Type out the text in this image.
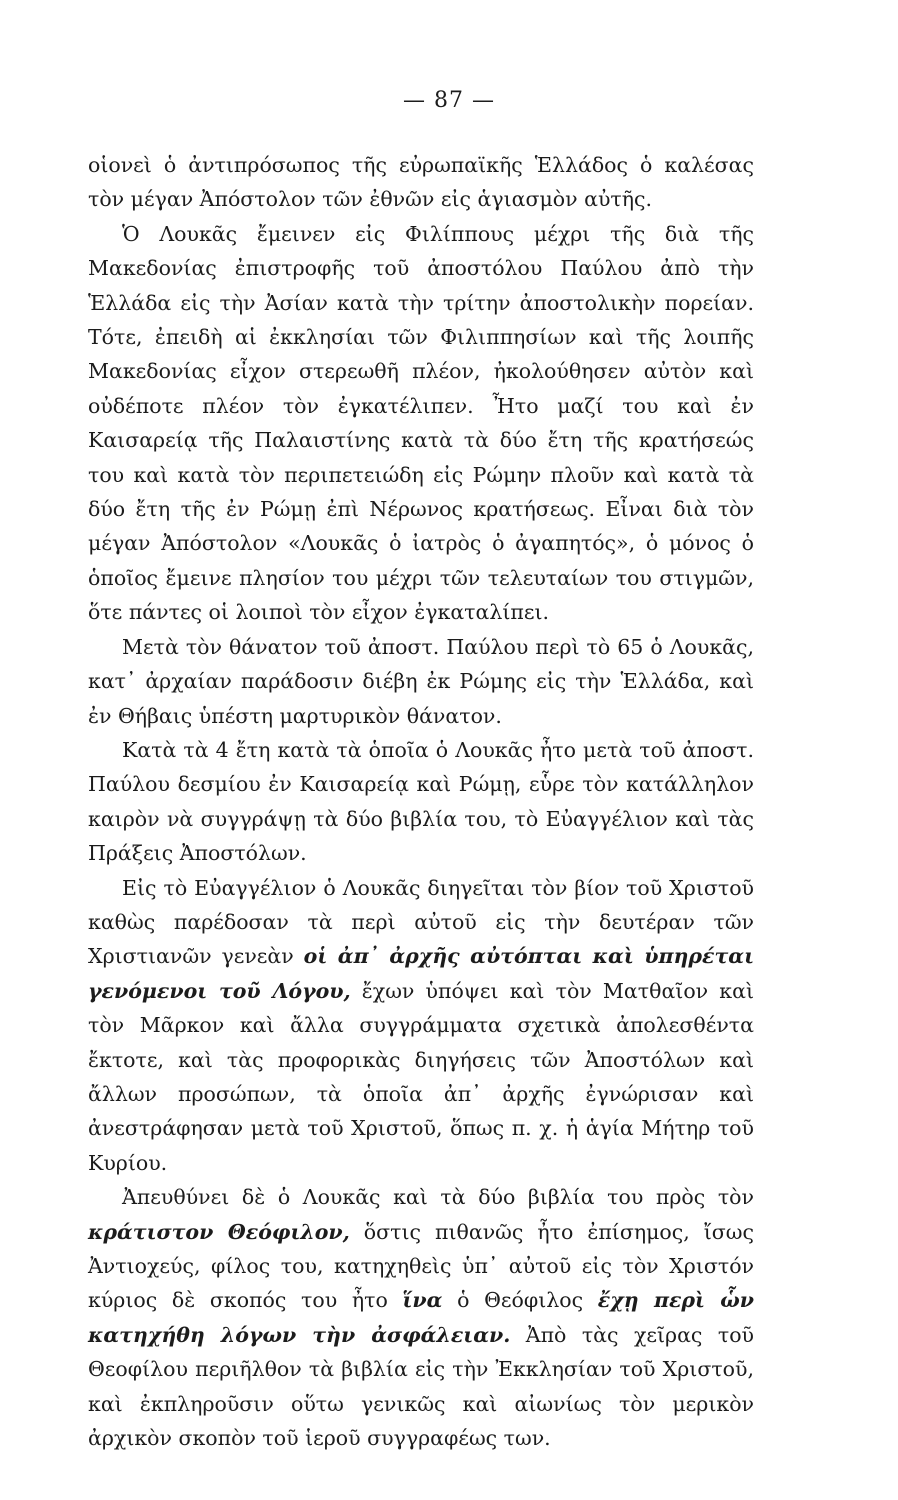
— 87 —

οἱονεὶ ὁ ἀντιπρόσωπος τῆς εὐρωπαϊκῆς Ἑλλάδος ὁ καλέσας τὸν μέγαν Ἀπόστολον τῶν ἐθνῶν εἰς ἁγιασμὸν αὐτῆς.

Ὁ Λουκᾶς ἔμεινεν εἰς Φιλίππους μέχρι τῆς διὰ τῆς Μακεδονίας ἐπιστροφῆς τοῦ ἀποστόλου Παύλου ἀπὸ τὴν Ἑλλάδα εἰς τὴν Ἀσίαν κατὰ τὴν τρίτην ἀποστολικὴν πορείαν. Τότε, ἐπειδὴ αἱ ἐκκλησίαι τῶν Φιλιππησίων καὶ τῆς λοιπῆς Μακεδονίας εἶχον στερεωθῆ πλέον, ἠκολούθησεν αὐτὸν καὶ οὐδέποτε πλέον τὸν ἐγκατέλιπεν. Ἦτο μαζί του καὶ ἐν Καισαρείᾳ τῆς Παλαιστίνης κατὰ τὰ δύο ἔτη τῆς κρατήσεώς του καὶ κατὰ τὸν περιπετειώδη εἰς Ρώμην πλοῦν καὶ κατὰ τὰ δύο ἔτη τῆς ἐν Ρώμῃ ἐπὶ Νέρωνος κρατήσεως. Εἶναι διὰ τὸν μέγαν Ἀπόστολον «Λουκᾶς ὁ ἰατρὸς ὁ ἀγαπητός», ὁ μόνος ὁ ὁποῖος ἔμεινε πλησίον του μέχρι τῶν τελευταίων του στιγμῶν, ὅτε πάντες οἱ λοιποὶ τὸν εἶχον ἐγκαταλίπει.

Μετὰ τὸν θάνατον τοῦ ἀποστ. Παύλου περὶ τὸ 65 ὁ Λουκᾶς, κατ᾽ ἀρχαίαν παράδοσιν διέβη ἐκ Ρώμης εἰς τὴν Ἑλλάδα, καὶ ἐν Θήβαις ὑπέστη μαρτυρικὸν θάνατον.

Κατὰ τὰ 4 ἔτη κατὰ τὰ ὁποῖα ὁ Λουκᾶς ἦτο μετὰ τοῦ ἀποστ. Παύλου δεσμίου ἐν Καισαρείᾳ καὶ Ρώμῃ, εὗρε τὸν κατάλληλον καιρὸν νὰ συγγράψῃ τὰ δύο βιβλία του, τὸ Εὐαγγέλιον καὶ τὰς Πράξεις Ἀποστόλων.

Εἰς τὸ Εὐαγγέλιον ὁ Λουκᾶς διηγεῖται τὸν βίον τοῦ Χριστοῦ καθὼς παρέδοσαν τὰ περὶ αὐτοῦ εἰς τὴν δευτέραν τῶν Χριστιανῶν γενεὰν οἱ ἀπ᾽ ἀρχῆς αὐτόπται καὶ ὑπηρέται γενόμενοι τοῦ Λόγου, ἔχων ὑπόψει καὶ τὸν Ματθαῖον καὶ τὸν Μᾶρκον καὶ ἄλλα συγγράμματα σχετικὰ ἀπολεσθέντα ἔκτοτε, καὶ τὰς προφορικὰς διηγήσεις τῶν Ἀποστόλων καὶ ἄλλων προσώπων, τὰ ὁποῖα ἀπ᾽ ἀρχῆς ἐγνώρισαν καὶ ἀνεστράφησαν μετὰ τοῦ Χριστοῦ, ὅπως π. χ. ἡ ἁγία Μήτηρ τοῦ Κυρίου.

Ἀπευθύνει δὲ ὁ Λουκᾶς καὶ τὰ δύο βιβλία του πρὸς τὸν κράτιστον Θεόφιλον, ὅστις πιθανῶς ἦτο ἐπίσημος, ἴσως Ἀντιοχεύς, φίλος του, κατηχηθεὶς ὑπ᾽ αὐτοῦ εἰς τὸν Χριστόν κύριος δὲ σκοπός του ἦτο ἵνα ὁ Θεόφιλος ἔχῃ περὶ ὧν κατηχήθη λόγων τὴν ἀσφάλειαν. Ἀπὸ τὰς χεῖρας τοῦ Θεοφίλου περιῆλθον τὰ βιβλία εἰς τὴν Ἐκκλησίαν τοῦ Χριστοῦ, καὶ ἐκπληροῦσιν οὕτω γενικῶς καὶ αἰωνίως τὸν μερικὸν ἀρχικὸν σκοπὸν τοῦ ἱεροῦ συγγραφέως των.
